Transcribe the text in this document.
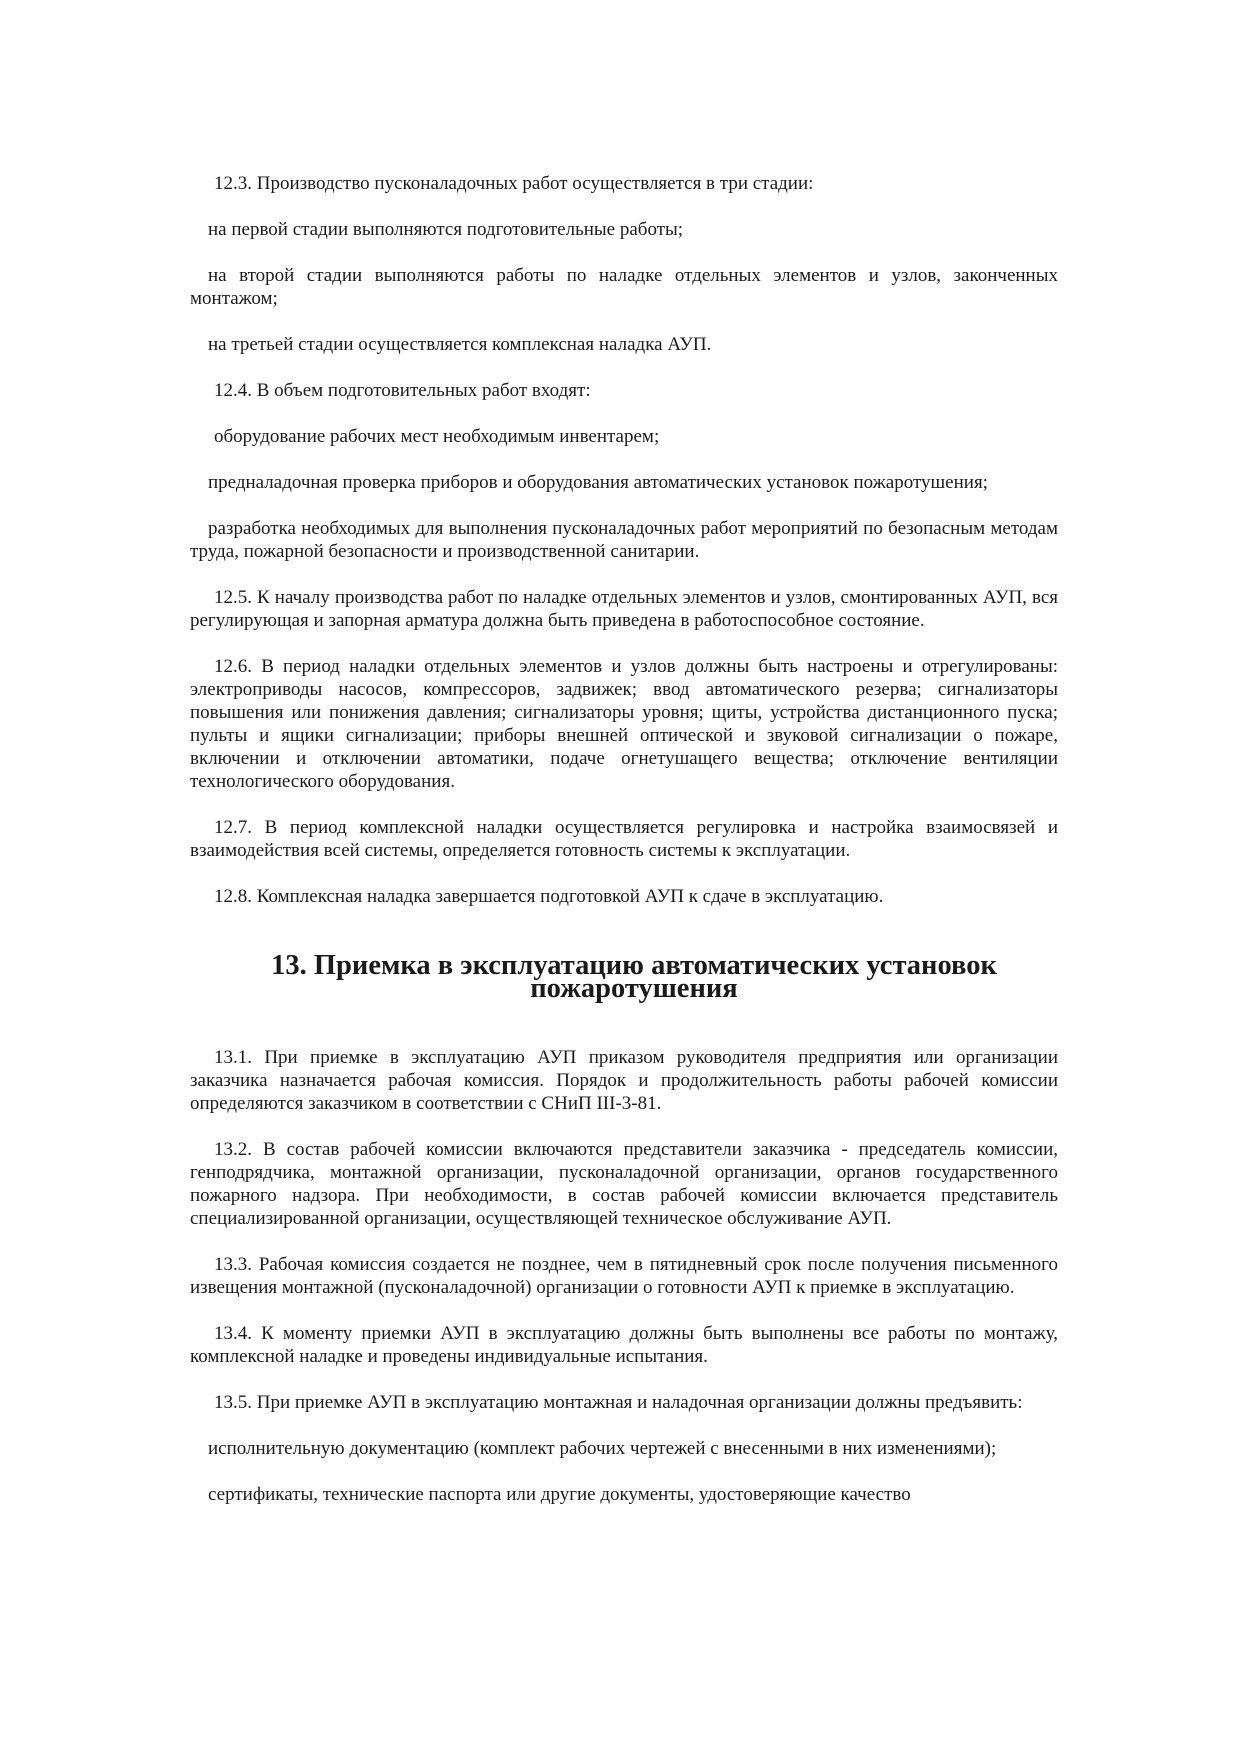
12.3. Производство пусконаладочных работ осуществляется в три стадии:

на первой стадии выполняются подготовительные работы;

на второй стадии выполняются работы по наладке отдельных элементов и узлов, законченных монтажом;

на третьей стадии осуществляется комплексная наладка АУП.

12.4. В объем подготовительных работ входят:

оборудование рабочих мест необходимым инвентарем;

предналадочная проверка приборов и оборудования автоматических установок пожаротушения;

разработка необходимых для выполнения пусконаладочных работ мероприятий по безопасным методам труда, пожарной безопасности и производственной санитарии.

12.5. К началу производства работ по наладке отдельных элементов и узлов, смонтированных АУП, вся регулирующая и запорная арматура должна быть приведена в работоспособное состояние.

12.6. В период наладки отдельных элементов и узлов должны быть настроены и отрегулированы: электроприводы насосов, компрессоров, задвижек; ввод автоматического резерва; сигнализаторы повышения или понижения давления; сигнализаторы уровня; щиты, устройства дистанционного пуска; пульты и ящики сигнализации; приборы внешней оптической и звуковой сигнализации о пожаре, включении и отключении автоматики, подаче огнетушащего вещества; отключение вентиляции технологического оборудования.

12.7. В период комплексной наладки осуществляется регулировка и настройка взаимосвязей и взаимодействия всей системы, определяется готовность системы к эксплуатации.

12.8. Комплексная наладка завершается подготовкой АУП к сдаче в эксплуатацию.

13. Приемка в эксплуатацию автоматических установок пожаротушения

13.1. При приемке в эксплуатацию АУП приказом руководителя предприятия или организации заказчика назначается рабочая комиссия. Порядок и продолжительность работы рабочей комиссии определяются заказчиком в соответствии с СНиП III-3-81.

13.2. В состав рабочей комиссии включаются представители заказчика - председатель комиссии, генподрядчика, монтажной организации, пусконаладочной организации, органов государственного пожарного надзора. При необходимости, в состав рабочей комиссии включается представитель специализированной организации, осуществляющей техническое обслуживание АУП.

13.3. Рабочая комиссия создается не позднее, чем в пятидневный срок после получения письменного извещения монтажной (пусконаладочной) организации о готовности АУП к приемке в эксплуатацию.

13.4. К моменту приемки АУП в эксплуатацию должны быть выполнены все работы по монтажу, комплексной наладке и проведены индивидуальные испытания.

13.5. При приемке АУП в эксплуатацию монтажная и наладочная организации должны предъявить:

исполнительную документацию (комплект рабочих чертежей с внесенными в них изменениями);

сертификаты, технические паспорта или другие документы, удостоверяющие качество
